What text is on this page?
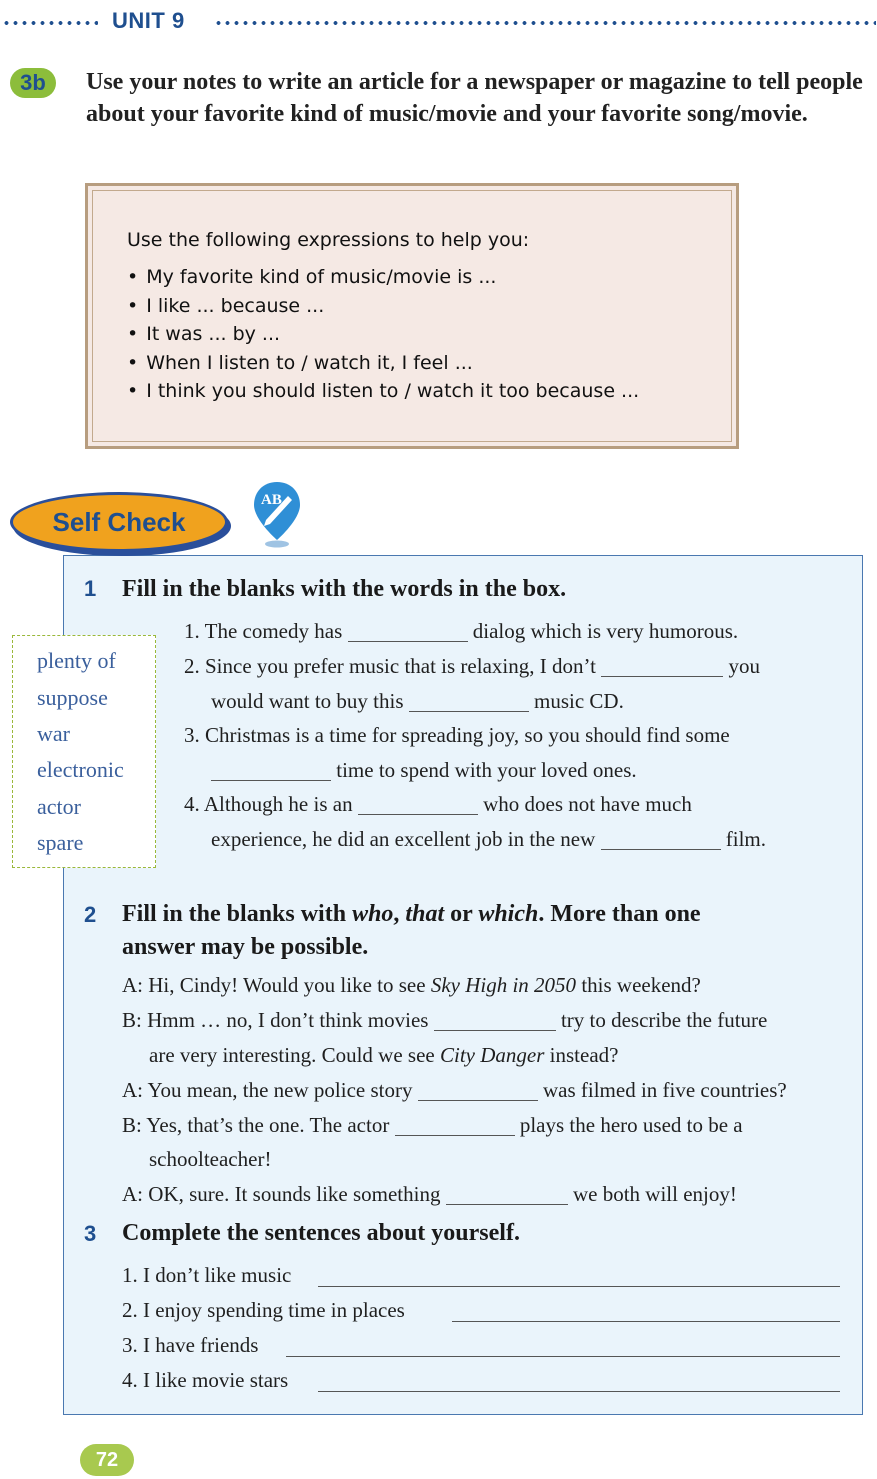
UNIT 9
3b	Use your notes to write an article for a newspaper or magazine to tell people about your favorite kind of music/movie and your favorite song/movie.
Use the following expressions to help you:
• My favorite kind of music/movie is ...
• I like ... because ...
• It was ... by ...
• When I listen to / watch it, I feel ...
• I think you should listen to / watch it too because ...
Self Check
AB
1 Fill in the blanks with the words in the box.
plenty of
suppose
war
electronic
actor
spare
1. The comedy has	dialog which is very humorous.
2. Since you prefer music that is relaxing, I don’t	you
would want to buy this	music CD.
3. Christmas is a time for spreading joy, so you should find some
time to spend with your loved ones.
4. Although he is an	who does not have much
experience, he did an excellent job in the new	film.
2 Fill in the blanks with who, that or which. More than one
answer may be possible.
A: Hi, Cindy! Would you like to see Sky High in 2050 this weekend?
B: Hmm … no, I don’t think movies	try to describe the future
are very interesting. Could we see City Danger instead?
A: You mean, the new police story	was filmed in five countries?
B: Yes, that’s the one. The actor	plays the hero used to be a
schoolteacher!
A: OK, sure. It sounds like something	we both will enjoy!
3 Complete the sentences about yourself.
1. I don’t like music
2. I enjoy spending time in places
3. I have friends
4. I like movie stars
72
